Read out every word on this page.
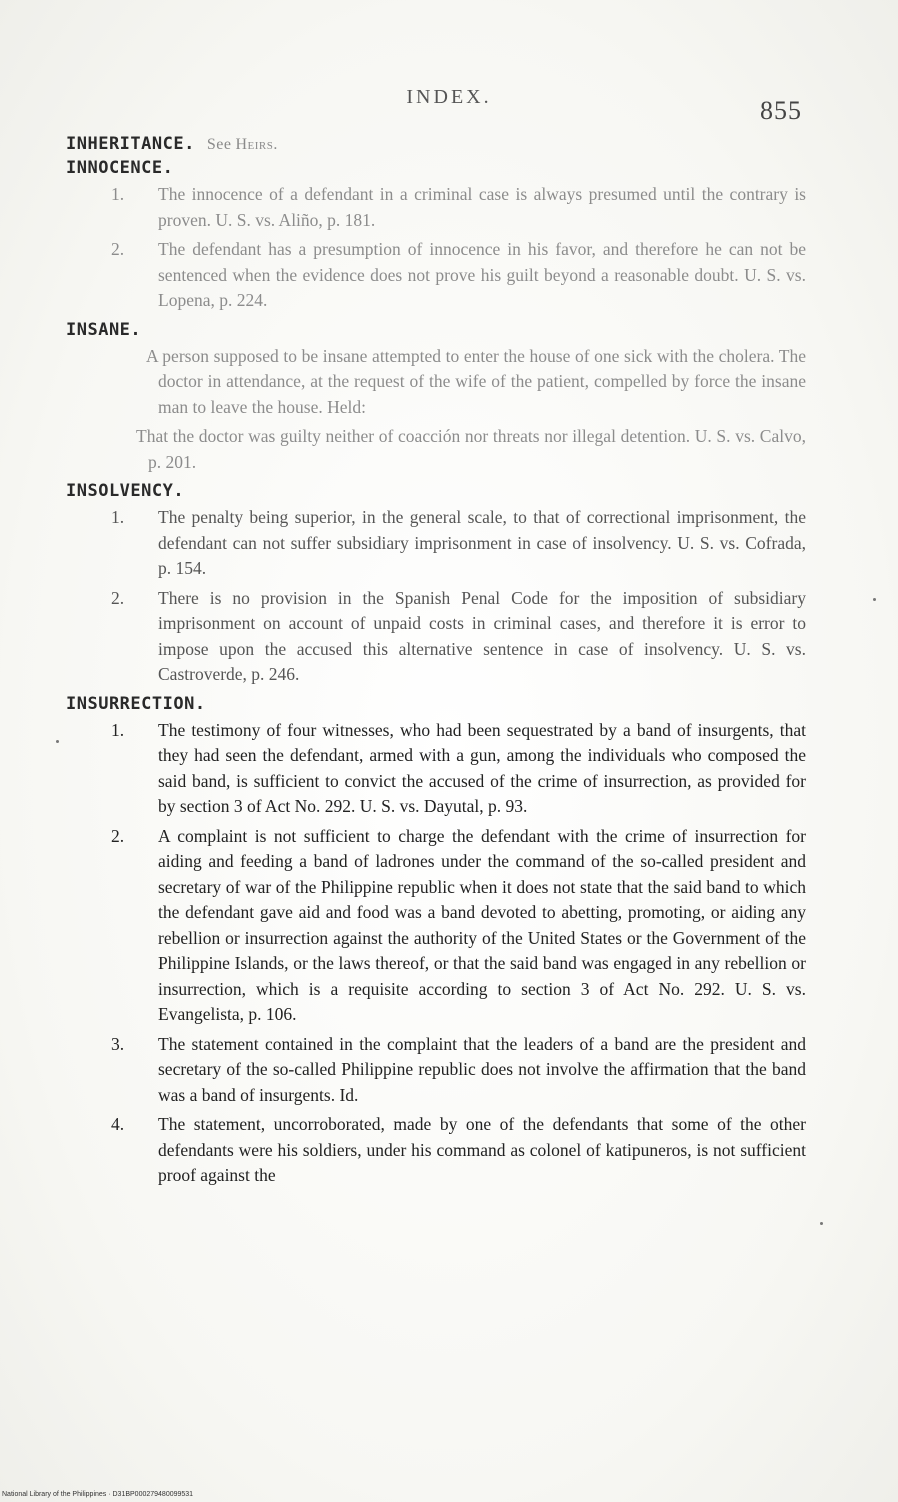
INDEX.	855
INHERITANCE. See Heirs.
INNOCENCE.
1. The innocence of a defendant in a criminal case is always presumed until the contrary is proven. U. S. vs. Aliño, p. 181.
2. The defendant has a presumption of innocence in his favor, and therefore he can not be sentenced when the evidence does not prove his guilt beyond a reasonable doubt. U. S. vs. Lopena, p. 224.
INSANE.
A person supposed to be insane attempted to enter the house of one sick with the cholera. The doctor in attendance, at the request of the wife of the patient, compelled by force the insane man to leave the house. Held:
That the doctor was guilty neither of coacción nor threats nor illegal detention. U. S. vs. Calvo, p. 201.
INSOLVENCY.
1. The penalty being superior, in the general scale, to that of correctional imprisonment, the defendant can not suffer subsidiary imprisonment in case of insolvency. U. S. vs. Cofrada, p. 154.
2. There is no provision in the Spanish Penal Code for the imposition of subsidiary imprisonment on account of unpaid costs in criminal cases, and therefore it is error to impose upon the accused this alternative sentence in case of insolvency. U. S. vs. Castroverde, p. 246.
INSURRECTION.
1. The testimony of four witnesses, who had been sequestrated by a band of insurgents, that they had seen the defendant, armed with a gun, among the individuals who composed the said band, is sufficient to convict the accused of the crime of insurrection, as provided for by section 3 of Act No. 292. U. S. vs. Dayutal, p. 93.
2. A complaint is not sufficient to charge the defendant with the crime of insurrection for aiding and feeding a band of ladrones under the command of the so-called president and secretary of war of the Philippine republic when it does not state that the said band to which the defendant gave aid and food was a band devoted to abetting, promoting, or aiding any rebellion or insurrection against the authority of the United States or the Government of the Philippine Islands, or the laws thereof, or that the said band was engaged in any rebellion or insurrection, which is a requisite according to section 3 of Act No. 292. U. S. vs. Evangelista, p. 106.
3. The statement contained in the complaint that the leaders of a band are the president and secretary of the so-called Philippine republic does not involve the affirmation that the band was a band of insurgents. Id.
4. The statement, uncorroborated, made by one of the defendants that some of the other defendants were his soldiers, under his command as colonel of katipuneros, is not sufficient proof against the
National Library of the Philippines · D31BP000279480099531
